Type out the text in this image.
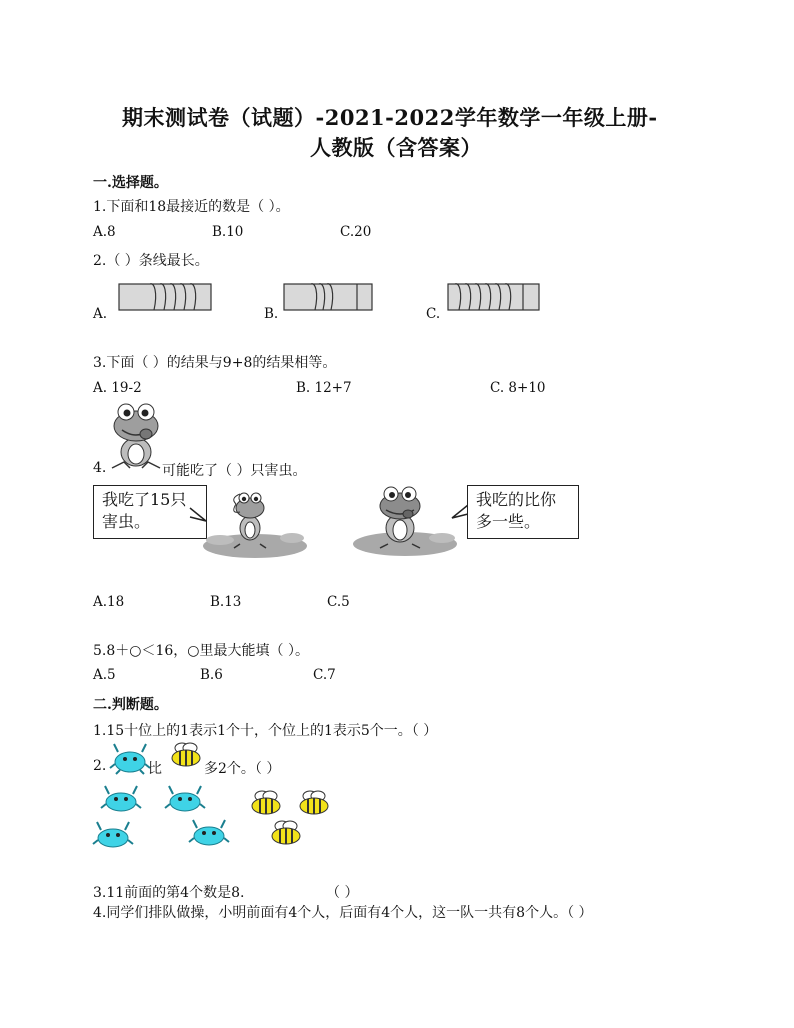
期末测试卷（试题）-2021-2022学年数学一年级上册-
人教版（含答案）
一.选择题。
1.下面和18最接近的数是（ ）。
A.8	B.10	C.20
2.（ ）条线最长。
A.	B.	C.
3.下面（ ）的结果与9+8的结果相等。
A. 19-2	B. 12+7	C. 8+10
4.	可能吃了（ ）只害虫。
我吃了15只害虫。
我吃的比你多一些。
A.18	B.13	C.5
5.8＋○＜16，○里最大能填（ ）。
A.5	B.6	C.7
二.判断题。
1.15十位上的1表示1个十，个位上的1表示5个一。（ ）
2.	比	多2个。（ ）
3.11前面的第4个数是8.	（ ）
4.同学们排队做操，小明前面有4个人，后面有4个人，这一队一共有8个人。（ ）
